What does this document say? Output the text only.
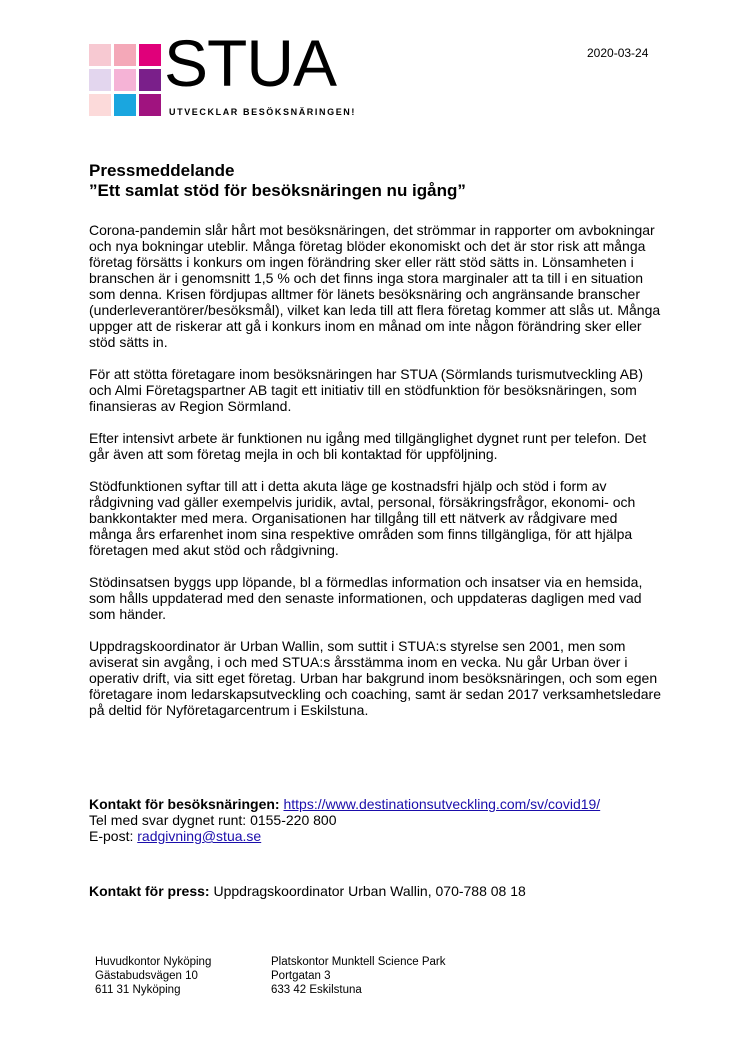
STUA
UTVECKLAR BESÖKSNÄRINGEN!
2020-03-24
Pressmeddelande
”Ett samlat stöd för besöksnäringen nu igång”

Corona-pandemin slår hårt mot besöksnäringen, det strömmar in rapporter om avbokningar och nya bokningar uteblir. Många företag blöder ekonomiskt och det är stor risk att många företag försätts i konkurs om ingen förändring sker eller rätt stöd sätts in. Lönsamheten i branschen är i genomsnitt 1,5 % och det finns inga stora marginaler att ta till i en situation som denna. Krisen fördjupas alltmer för länets besöksnäring och angränsande branscher (underleverantörer/besöksmål), vilket kan leda till att flera företag kommer att slås ut. Många uppger att de riskerar att gå i konkurs inom en månad om inte någon förändring sker eller stöd sätts in.

För att stötta företagare inom besöksnäringen har STUA (Sörmlands turismutveckling AB) och Almi Företagspartner AB tagit ett initiativ till en stödfunktion för besöksnäringen, som finansieras av Region Sörmland.

Efter intensivt arbete är funktionen nu igång med tillgänglighet dygnet runt per telefon. Det går även att som företag mejla in och bli kontaktad för uppföljning.

Stödfunktionen syftar till att i detta akuta läge ge kostnadsfri hjälp och stöd i form av rådgivning vad gäller exempelvis juridik, avtal, personal, försäkringsfrågor, ekonomi- och bankkontakter med mera. Organisationen har tillgång till ett nätverk av rådgivare med många års erfarenhet inom sina respektive områden som finns tillgängliga, för att hjälpa företagen med akut stöd och rådgivning.

Stödinsatsen byggs upp löpande, bl a förmedlas information och insatser via en hemsida, som hålls uppdaterad med den senaste informationen, och uppdateras dagligen med vad som händer.

Uppdragskoordinator är Urban Wallin, som suttit i STUA:s styrelse sen 2001, men som aviserat sin avgång, i och med STUA:s årsstämma inom en vecka. Nu går Urban över i operativ drift, via sitt eget företag. Urban har bakgrund inom besöksnäringen, och som egen företagare inom ledarskapsutveckling och coaching, samt är sedan 2017 verksamhetsledare på deltid för Nyföretagarcentrum i Eskilstuna.

Kontakt för besöksnäringen: https://www.destinationsutveckling.com/sv/covid19/
Tel med svar dygnet runt: 0155-220 800
E-post: radgivning@stua.se
Kontakt för press: Uppdragskoordinator Urban Wallin, 070-788 08 18
Huvudkontor Nyköping
Gästabudsvägen 10
611 31 Nyköping
Platskontor Munktell Science Park
Portgatan 3
633 42 Eskilstuna
